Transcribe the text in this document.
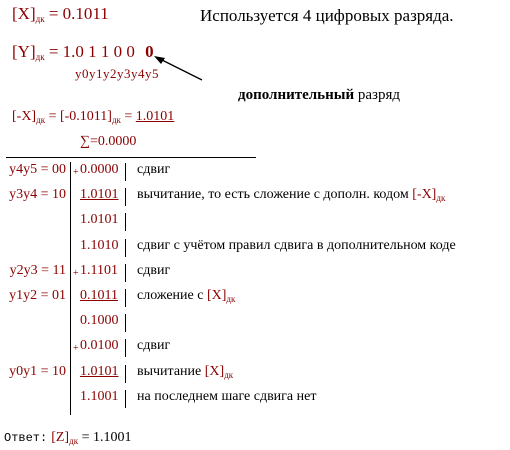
$[X]_{дк} = 0.1011$	Используется 4 цифровых разряда.
$[Y]_{дк} = 1.0$ 1 1 0 0 0
y0y1y2y3y4y5
дополнительный разряд
$[-X]_{дк} = [-0.1011]_{дк} = 1.0101$
∑=0.0000
y4y5 = 00 + 0.0000 сдвиг
y3y4 = 10 1.0101 вычитание, то есть сложение с дополн. кодом $[-X]_{дк}$
1.0101
1.1010 сдвиг с учётом правил сдвига в дополнительном коде
y2y3 = 11 + 1.1101 сдвиг
y1y2 = 01 0.1011 сложение с $[X]_{дк}$
0.1000
+ 0.0100 сдвиг
y0y1 = 10 1.0101 вычитание $[X]_{дк}$
1.1001 на последнем шаге сдвига нет
Ответ: $[Z]_{дк} = 1.1001$
